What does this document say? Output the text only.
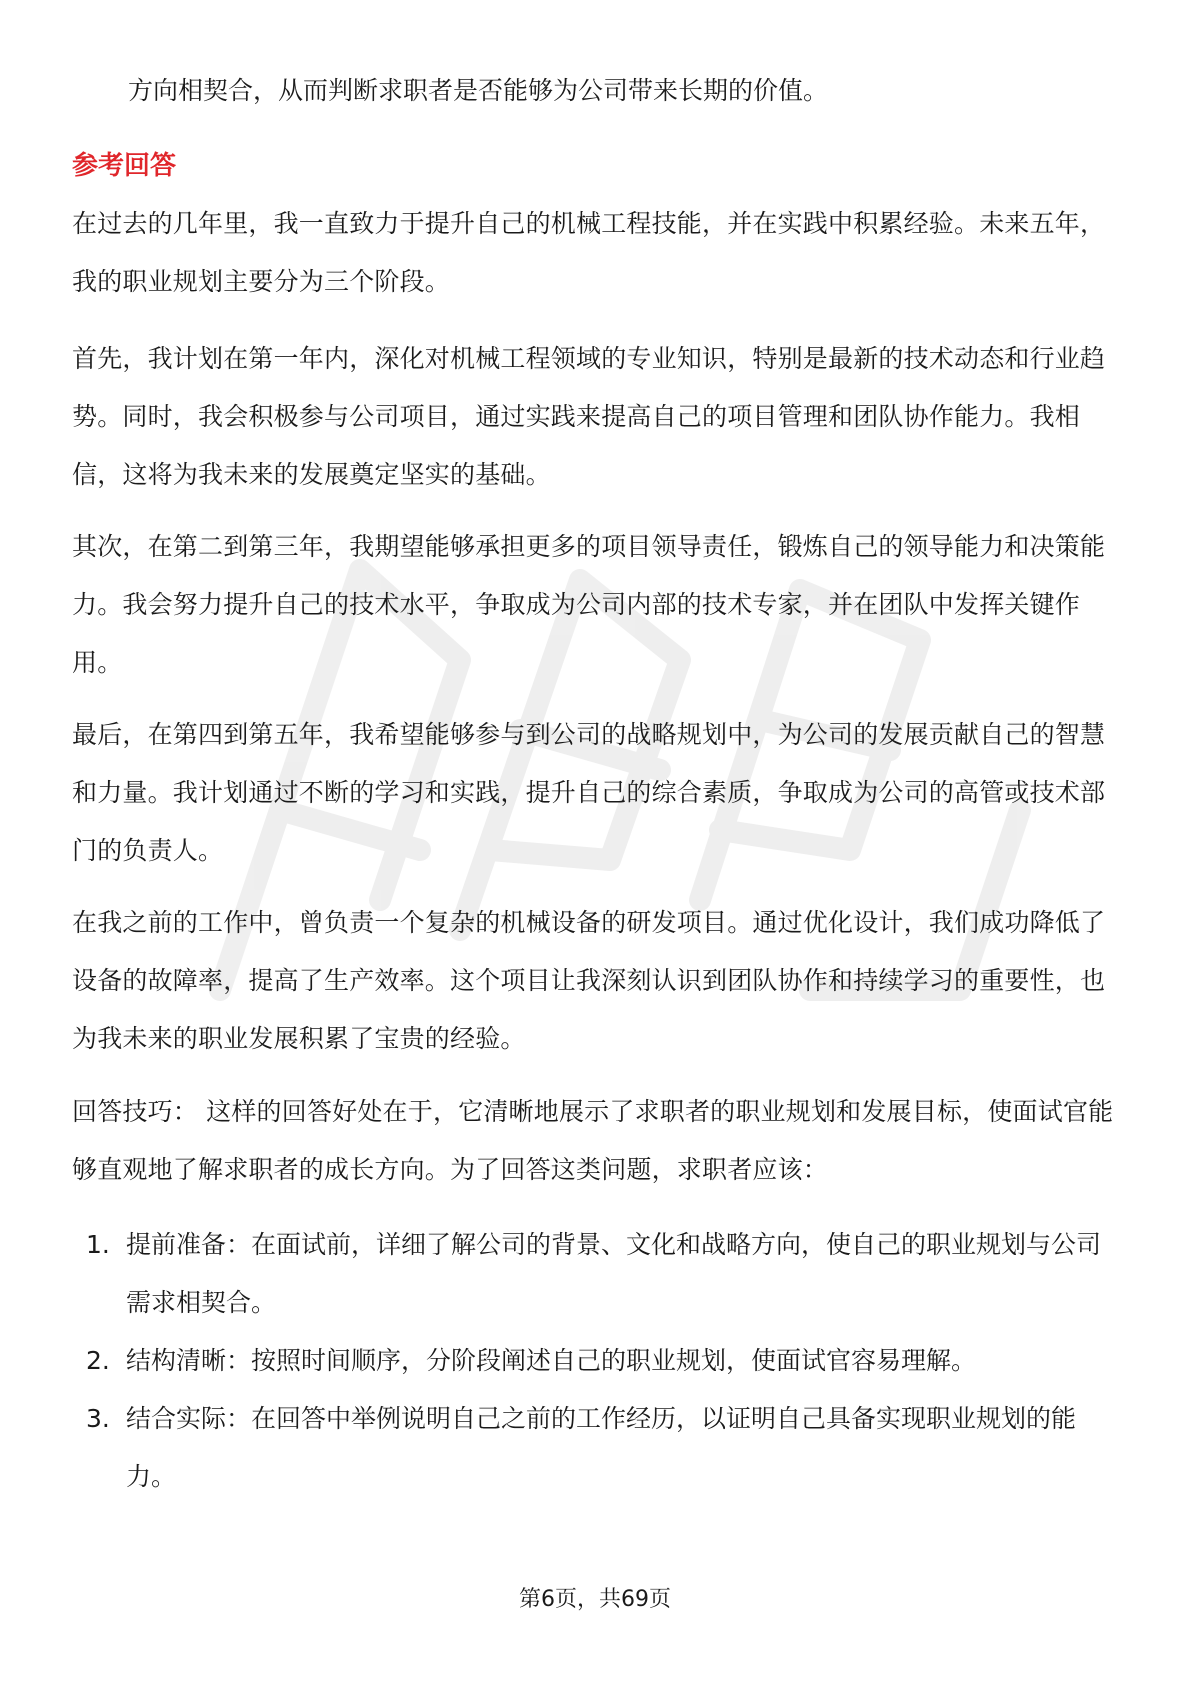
方向相契合，从而判断求职者是否能够为公司带来长期的价值。

参考回答

在过去的几年里，我一直致力于提升自己的机械工程技能，并在实践中积累经验。未来五年，我的职业规划主要分为三个阶段。

首先，我计划在第一年内，深化对机械工程领域的专业知识，特别是最新的技术动态和行业趋势。同时，我会积极参与公司项目，通过实践来提高自己的项目管理和团队协作能力。我相信，这将为我未来的发展奠定坚实的基础。

其次，在第二到第三年，我期望能够承担更多的项目领导责任，锻炼自己的领导能力和决策能力。我会努力提升自己的技术水平，争取成为公司内部的技术专家，并在团队中发挥关键作用。

最后，在第四到第五年，我希望能够参与到公司的战略规划中，为公司的发展贡献自己的智慧和力量。我计划通过不断的学习和实践，提升自己的综合素质，争取成为公司的高管或技术部门的负责人。

在我之前的工作中，曾负责一个复杂的机械设备的研发项目。通过优化设计，我们成功降低了设备的故障率，提高了生产效率。这个项目让我深刻认识到团队协作和持续学习的重要性，也为我未来的职业发展积累了宝贵的经验。

回答技巧： 这样的回答好处在于，它清晰地展示了求职者的职业规划和发展目标，使面试官能够直观地了解求职者的成长方向。为了回答这类问题，求职者应该：

1. 提前准备：在面试前，详细了解公司的背景、文化和战略方向，使自己的职业规划与公司需求相契合。
2. 结构清晰：按照时间顺序，分阶段阐述自己的职业规划，使面试官容易理解。
3. 结合实际：在回答中举例说明自己之前的工作经历，以证明自己具备实现职业规划的能力。
第6页，共69页
